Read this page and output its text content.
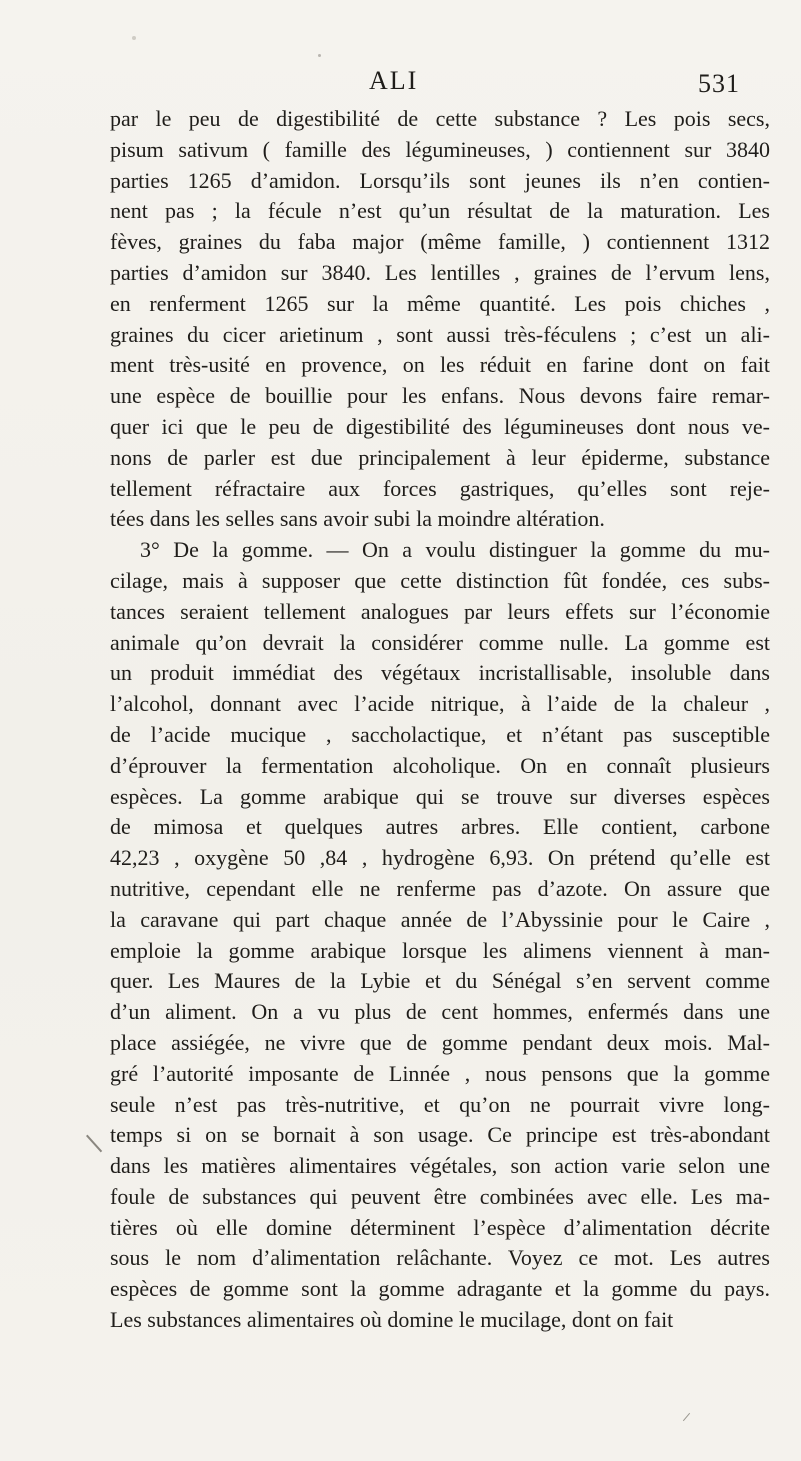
ALI	531
par le peu de digestibilité de cette substance ? Les pois secs,
pisum sativum ( famille des légumineuses, ) contiennent sur 3840
parties 1265 d’amidon. Lorsqu’ils sont jeunes ils n’en contien-
nent pas ; la fécule n’est qu’un résultat de la maturation. Les
fèves, graines du faba major (même famille, ) contiennent 1312
parties d’amidon sur 3840. Les lentilles , graines de l’ervum lens,
en renferment 1265 sur la même quantité. Les pois chiches ,
graines du cicer arietinum , sont aussi très-féculens ; c’est un ali-
ment très-usité en provence, on les réduit en farine dont on fait
une espèce de bouillie pour les enfans. Nous devons faire remar-
quer ici que le peu de digestibilité des légumineuses dont nous ve-
nons de parler est due principalement à leur épiderme, substance
tellement réfractaire aux forces gastriques, qu’elles sont reje-
tées dans les selles sans avoir subi la moindre altération.
3° De la gomme. — On a voulu distinguer la gomme du mu-
cilage, mais à supposer que cette distinction fût fondée, ces subs-
tances seraient tellement analogues par leurs effets sur l’économie
animale qu’on devrait la considérer comme nulle. La gomme est
un produit immédiat des végétaux incristallisable, insoluble dans
l’alcohol, donnant avec l’acide nitrique, à l’aide de la chaleur ,
de l’acide mucique , saccholactique, et n’étant pas susceptible
d’éprouver la fermentation alcoholique. On en connaît plusieurs
espèces. La gomme arabique qui se trouve sur diverses espèces
de mimosa et quelques autres arbres. Elle contient, carbone
42,23 , oxygène 50 ,84 , hydrogène 6,93. On prétend qu’elle est
nutritive, cependant elle ne renferme pas d’azote. On assure que
la caravane qui part chaque année de l’Abyssinie pour le Caire ,
emploie la gomme arabique lorsque les alimens viennent à man-
quer. Les Maures de la Lybie et du Sénégal s’en servent comme
d’un aliment. On a vu plus de cent hommes, enfermés dans une
place assiégée, ne vivre que de gomme pendant deux mois. Mal-
gré l’autorité imposante de Linnée , nous pensons que la gomme
seule n’est pas très-nutritive, et qu’on ne pourrait vivre long-
temps si on se bornait à son usage. Ce principe est très-abondant
dans les matières alimentaires végétales, son action varie selon une
foule de substances qui peuvent être combinées avec elle. Les ma-
tières où elle domine déterminent l’espèce d’alimentation décrite
sous le nom d’alimentation relâchante. Voyez ce mot. Les autres
espèces de gomme sont la gomme adragante et la gomme du pays.
Les substances alimentaires où domine le mucilage, dont on fait
